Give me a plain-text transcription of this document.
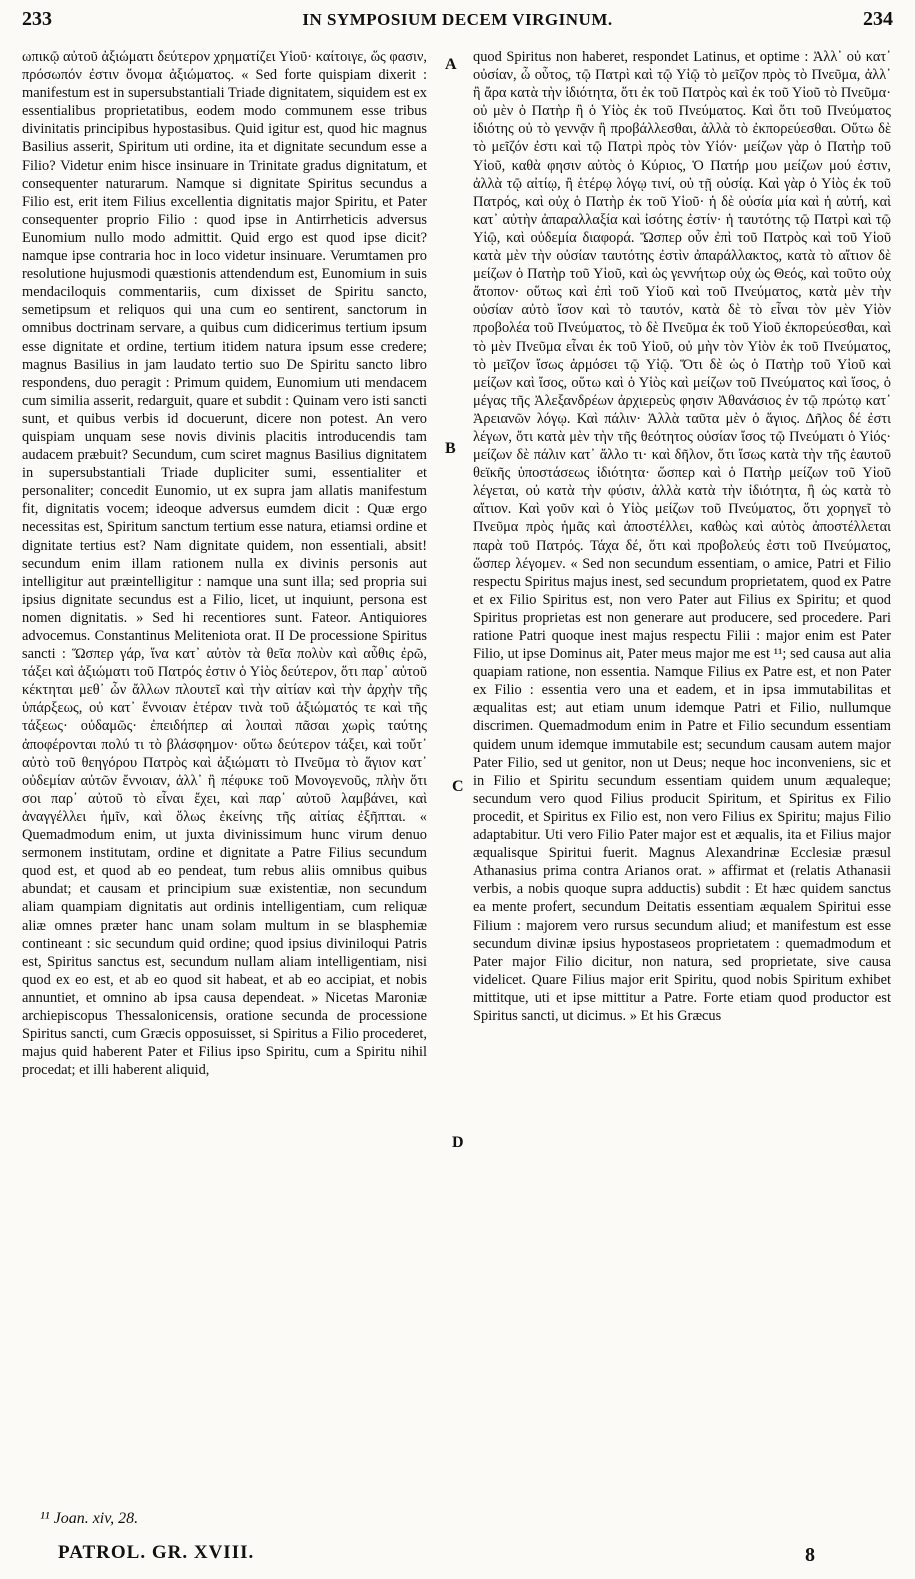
233	IN SYMPOSIUM DECEM VIRGINUM.	234

ωπικῷ αὐτοῦ ἀξιώματι δεύτερον χρηματίζει Υἱοῦ· καίτοιγε, ὥς φασιν, πρόσωπόν ἐστιν ὄνομα ἀξιώματος. « Sed forte quispiam dixerit : manifestum est in supersubstantiali Triade dignitatem, siquidem est ex essentialibus proprietatibus, eodem modo communem esse tribus divinitatis principibus hypostasibus. Quid igitur est, quod hic magnus Basilius asserit, Spiritum uti ordine, ita et dignitate secundum esse a Filio? Videtur enim hisce insinuare in Trinitate gradus dignitatum, et consequenter naturarum. Namque si dignitate Spiritus secundus a Filio est, erit item Filius excellentia dignitatis major Spiritu, et Pater consequenter proprio Filio : quod ipse in Antirrheticis adversus Eunomium nullo modo admittit. Quid ergo est quod ipse dicit? namque ipse contraria hoc in loco videtur insinuare. Verumtamen pro resolutione hujusmodi quæstionis attendendum est, Eunomium in suis mendaciloquis commentariis, cum dixisset de Spiritu sancto, semetipsum et reliquos qui una cum eo sentirent, sanctorum in omnibus doctrinam servare, a quibus cum didicerimus tertium ipsum esse dignitate et ordine, tertium itidem natura ipsum esse credere; magnus Basilius in jam laudato tertio suo De Spiritu sancto libro respondens, duo peragit : Primum quidem, Eunomium uti mendacem cum similia asserit, redarguit, quare et subdit : Quinam vero isti sancti sunt, et quibus verbis id docuerunt, dicere non potest. An vero quispiam unquam sese novis divinis placitis introducendis tam audacem præbuit? Secundum, cum sciret magnus Basilius dignitatem in supersubstantiali Triade dupliciter sumi, essentialiter et personaliter; concedit Eunomio, ut ex supra jam allatis manifestum fit, dignitatis vocem; ideoque adversus eumdem dicit : Quæ ergo necessitas est, Spiritum sanctum tertium esse natura, etiamsi ordine et dignitate tertius est? Nam dignitate quidem, non essentiali, absit! secundum enim illam rationem nulla ex divinis personis aut intelligitur aut præintelligitur : namque una sunt illa; sed propria sui ipsius dignitate secundus est a Filio, licet, ut inquiunt, persona est nomen dignitatis. » Sed hi recentiores sunt. Fateor. Antiquiores advocemus. Constantinus Meliteniota orat. II De processione Spiritus sancti : Ὥσπερ γάρ, ἵνα κατ᾽ αὐτὸν τὰ θεῖα πολὺν καὶ αὖθις ἐρῶ, τάξει καὶ ἀξιώματι τοῦ Πατρός ἐστιν ὁ Υἱὸς δεύτερον, ὅτι παρ᾽ αὐτοῦ κέκτηται μεθ᾽ ὧν ἄλλων πλουτεῖ καὶ τὴν αἰτίαν καὶ τὴν ἀρχὴν τῆς ὑπάρξεως, οὐ κατ᾽ ἔννοιαν ἑτέραν τινὰ τοῦ ἀξιώματός τε καὶ τῆς τάξεως· οὐδαμῶς· ἐπειδήπερ αἱ λοιπαὶ πᾶσαι χωρὶς ταύτης ἀποφέρονται πολύ τι τὸ βλάσφημον· οὕτω δεύτερον τάξει, καὶ τοὔτ᾽ αὐτὸ τοῦ θεηγόρου Πατρὸς καὶ ἀξιώματι τὸ Πνεῦμα τὸ ἅγιον κατ᾽ οὐδεμίαν αὐτῶν ἔννοιαν, ἀλλ᾽ ἢ πέφυκε τοῦ Μονογενοῦς, πλὴν ὅτι σοι παρ᾽ αὐτοῦ τὸ εἶναι ἔχει, καὶ παρ᾽ αὐτοῦ λαμβάνει, καὶ ἀναγγέλλει ἡμῖν, καὶ ὅλως ἐκείνης τῆς αἰτίας ἐξῆπται. « Quemadmodum enim, ut juxta divinissimum hunc virum denuo sermonem institutam, ordine et dignitate a Patre Filius secundum quod est, et quod ab eo pendeat, tum rebus aliis omnibus quibus abundat; et causam et principium suæ existentiæ, non secundum aliam quampiam dignitatis aut ordinis intelligentiam, cum reliquæ aliæ omnes præter hanc unam solam multum in se blasphemiæ contineant : sic secundum quid ordine; quod ipsius diviniloqui Patris est, Spiritus sanctus est, secundum nullam aliam intelligentiam, nisi quod ex eo est, et ab eo quod sit habeat, et ab eo accipiat, et nobis annuntiet, et omnino ab ipsa causa dependeat. » Nicetas Maroniæ archiepiscopus Thessalonicensis, oratione secunda de processione Spiritus sancti, cum Græcis opposuisset, si Spiritus a Filio procederet, majus quid haberent Pater et Filius ipso Spiritu, cum a Spiritu nihil procedat; et illi haberent aliquid,

A
B
C
D

quod Spiritus non haberet, respondet Latinus, et optime : Ἀλλ᾽ οὐ κατ᾽ οὐσίαν, ὦ οὗτος, τῷ Πατρὶ καὶ τῷ Υἱῷ τὸ μεῖζον πρὸς τὸ Πνεῦμα, ἀλλ᾽ ἢ ἄρα κατὰ τὴν ἰδιότητα, ὅτι ἐκ τοῦ Πατρὸς καὶ ἐκ τοῦ Υἱοῦ τὸ Πνεῦμα· οὐ μὲν ὁ Πατὴρ ἢ ὁ Υἱὸς ἐκ τοῦ Πνεύματος. Καὶ ὅτι τοῦ Πνεύματος ἰδιότης οὐ τὸ γεννᾷν ἢ προβάλλεσθαι, ἀλλὰ τὸ ἐκπορεύεσθαι. Οὕτω δὲ τὸ μεῖζόν ἐστι καὶ τῷ Πατρὶ πρὸς τὸν Υἱόν· μείζων γὰρ ὁ Πατὴρ τοῦ Υἱοῦ, καθὰ φησιν αὐτὸς ὁ Κύριος, Ὁ Πατήρ μου μείζων μού ἐστιν, ἀλλὰ τῷ αἰτίῳ, ἢ ἑτέρῳ λόγῳ τινί, οὐ τῇ οὐσίᾳ. Καὶ γὰρ ὁ Υἱὸς ἐκ τοῦ Πατρός, καὶ οὐχ ὁ Πατὴρ ἐκ τοῦ Υἱοῦ· ἡ δὲ οὐσία μία καὶ ἡ αὐτή, καὶ κατ᾽ αὐτὴν ἀπαραλλαξία καὶ ἰσότης ἐστίν· ἡ ταυτότης τῷ Πατρὶ καὶ τῷ Υἱῷ, καὶ οὐδεμία διαφορά. Ὥσπερ οὖν ἐπὶ τοῦ Πατρὸς καὶ τοῦ Υἱοῦ κατὰ μὲν τὴν οὐσίαν ταυτότης ἐστὶν ἀπαράλλακτος, κατὰ τὸ αἴτιον δὲ μείζων ὁ Πατὴρ τοῦ Υἱοῦ, καὶ ὡς γεννήτωρ οὐχ ὡς Θεός, καὶ τοῦτο οὐχ ἄτοπον· οὕτως καὶ ἐπὶ τοῦ Υἱοῦ καὶ τοῦ Πνεύματος, κατὰ μὲν τὴν οὐσίαν αὐτὸ ἴσον καὶ τὸ ταυτόν, κατὰ δὲ τὸ εἶναι τὸν μὲν Υἱὸν προβολέα τοῦ Πνεύματος, τὸ δὲ Πνεῦμα ἐκ τοῦ Υἱοῦ ἐκπορεύεσθαι, καὶ τὸ μὲν Πνεῦμα εἶναι ἐκ τοῦ Υἱοῦ, οὐ μὴν τὸν Υἱὸν ἐκ τοῦ Πνεύματος, τὸ μεῖζον ἴσως ἁρμόσει τῷ Υἱῷ. Ὅτι δὲ ὡς ὁ Πατὴρ τοῦ Υἱοῦ καὶ μείζων καὶ ἴσος, οὕτω καὶ ὁ Υἱὸς καὶ μείζων τοῦ Πνεύματος καὶ ἴσος, ὁ μέγας τῆς Ἀλεξανδρέων ἀρχιερεὺς φησιν Ἀθανάσιος ἐν τῷ πρώτῳ κατ᾽ Ἀρειανῶν λόγῳ. Καὶ πάλιν· Ἀλλὰ ταῦτα μὲν ὁ ἅγιος. Δῆλος δέ ἐστι λέγων, ὅτι κατὰ μὲν τὴν τῆς θεότητος οὐσίαν ἴσος τῷ Πνεύματι ὁ Υἱός· μείζων δὲ πάλιν κατ᾽ ἄλλο τι· καὶ δῆλον, ὅτι ἴσως κατὰ τὴν τῆς ἑαυτοῦ θεϊκῆς ὑποστάσεως ἰδιότητα· ὥσπερ καὶ ὁ Πατὴρ μείζων τοῦ Υἱοῦ λέγεται, οὐ κατὰ τὴν φύσιν, ἀλλὰ κατὰ τὴν ἰδιότητα, ἢ ὡς κατὰ τὸ αἴτιον. Καὶ γοῦν καὶ ὁ Υἱὸς μείζων τοῦ Πνεύματος, ὅτι χορηγεῖ τὸ Πνεῦμα πρὸς ἡμᾶς καὶ ἀποστέλλει, καθὼς καὶ αὐτὸς ἀποστέλλεται παρὰ τοῦ Πατρός. Τάχα δέ, ὅτι καὶ προβολεύς ἐστι τοῦ Πνεύματος, ὥσπερ λέγομεν. « Sed non secundum essentiam, o amice, Patri et Filio respectu Spiritus majus inest, sed secundum proprietatem, quod ex Patre et ex Filio Spiritus est, non vero Pater aut Filius ex Spiritu; et quod Spiritus proprietas est non generare aut producere, sed procedere. Pari ratione Patri quoque inest majus respectu Filii : major enim est Pater Filio, ut ipse Dominus ait, Pater meus major me est ¹¹; sed causa aut alia quapiam ratione, non essentia. Namque Filius ex Patre est, et non Pater ex Filio : essentia vero una et eadem, et in ipsa immutabilitas et æqualitas est; aut etiam unum idemque Patri et Filio, nullumque discrimen. Quemadmodum enim in Patre et Filio secundum essentiam quidem unum idemque immutabile est; secundum causam autem major Pater Filio, sed ut genitor, non ut Deus; neque hoc inconveniens, sic et in Filio et Spiritu secundum essentiam quidem unum æqualeque; secundum vero quod Filius producit Spiritum, et Spiritus ex Filio procedit, et Spiritus ex Filio est, non vero Filius ex Spiritu; majus Filio adaptabitur. Uti vero Filio Pater major est et æqualis, ita et Filius major æqualisque Spiritui fuerit. Magnus Alexandrinæ Ecclesiæ præsul Athanasius prima contra Arianos orat. » affirmat et (relatis Athanasii verbis, a nobis quoque supra adductis) subdit : Et hæc quidem sanctus ea mente profert, secundum Deitatis essentiam æqualem Spiritui esse Filium : majorem vero rursus secundum aliud; et manifestum est esse secundum divinæ ipsius hypostaseos proprietatem : quemadmodum et Pater major Filio dicitur, non natura, sed proprietate, sive causa videlicet. Quare Filius major erit Spiritu, quod nobis Spiritum exhibet mittitque, uti et ipse mittitur a Patre. Forte etiam quod productor est Spiritus sancti, ut dicimus. » Et his Græcus

¹¹ Joan. xiv, 28.
PATROL. GR. XVIII.	8
